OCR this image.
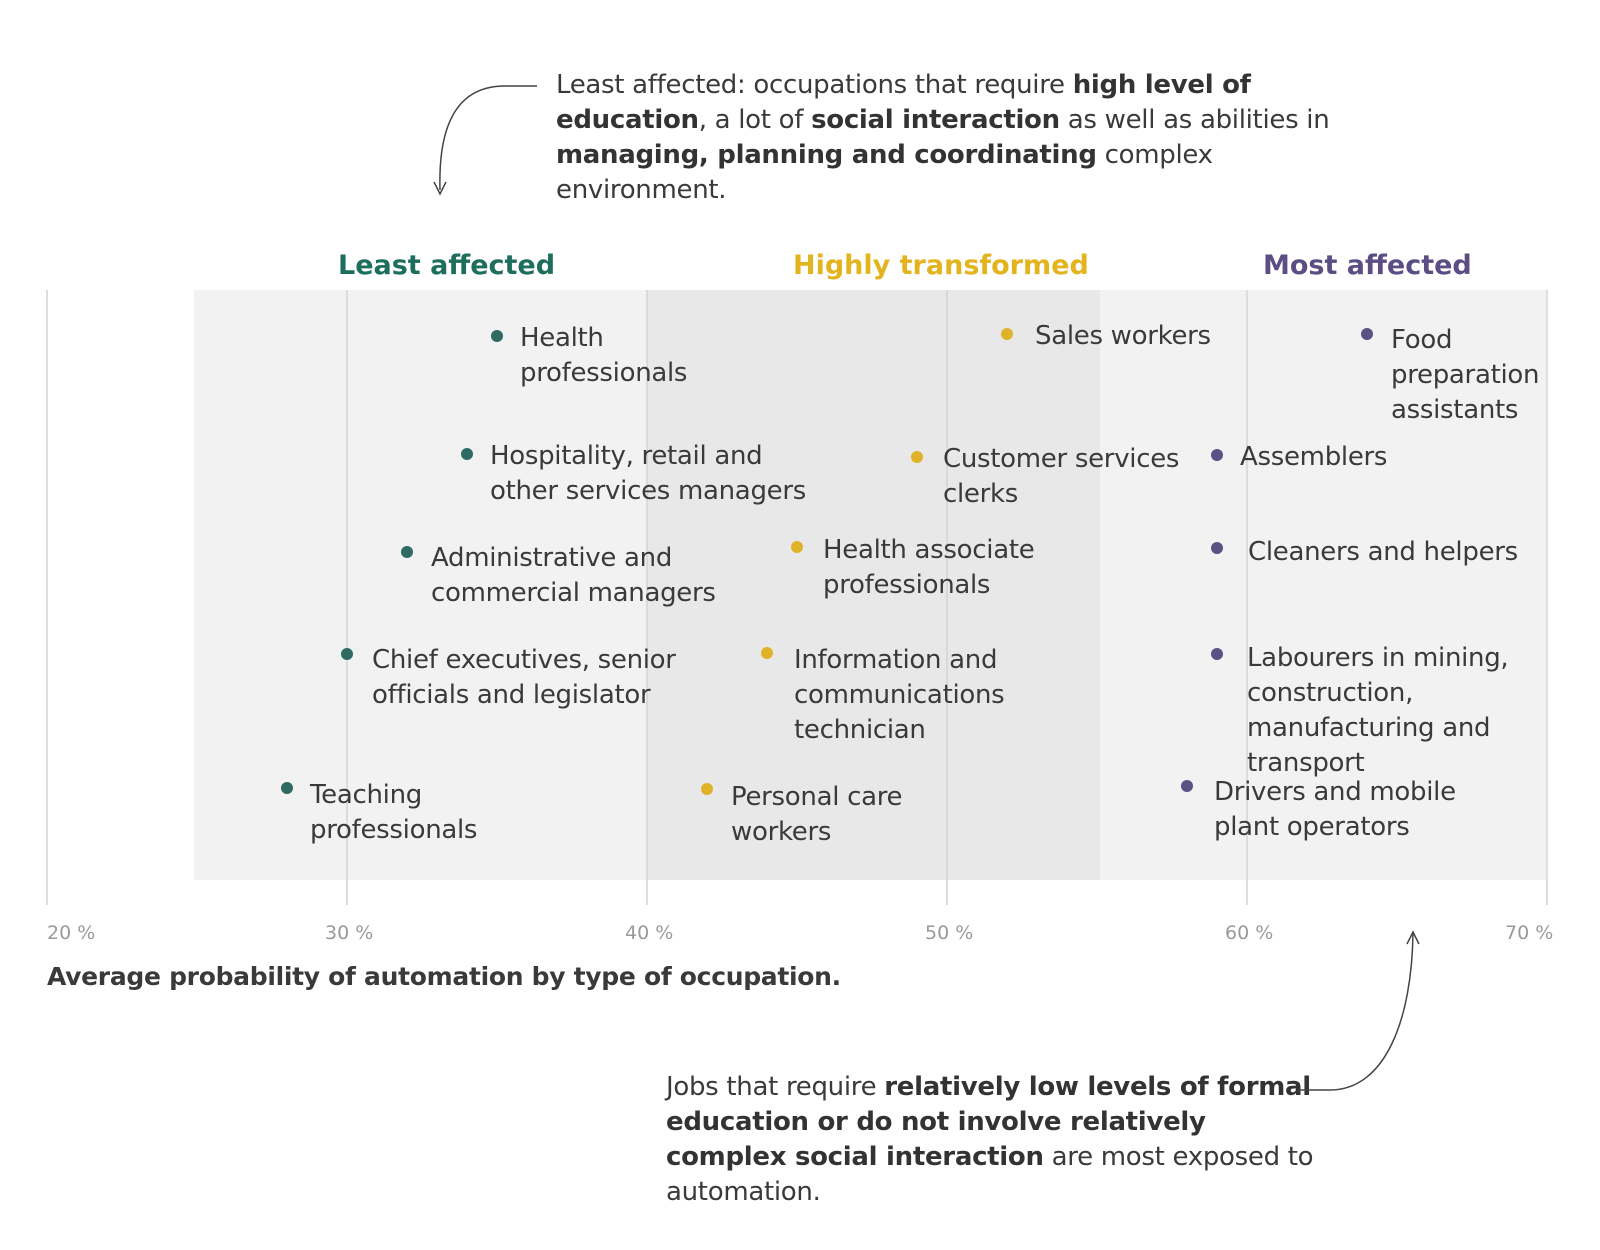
Least affected: occupations that require high level of education, a lot of social interaction as well as abilities in managing, planning and coordinating complex environment.
Jobs that require relatively low levels of formal education or do not involve relatively complex social interaction are most exposed to automation.
Least affected	Highly transformed	Most affected
Health
professionals
Hospitality, retail and
other services managers
Administrative and
commercial managers
Chief executives, senior
officials and legislator
Teaching
professionals
Sales workers
Customer services
clerks
Health associate
professionals
Information and
communications
technician
Personal care
workers
Food
preparation
assistants
Assemblers
Cleaners and helpers
Labourers in mining,
construction,
manufacturing and
transport
Drivers and mobile
plant operators
20 %	30 %	40 %	50 %	60 %	70 %
Average probability of automation by type of occupation.
